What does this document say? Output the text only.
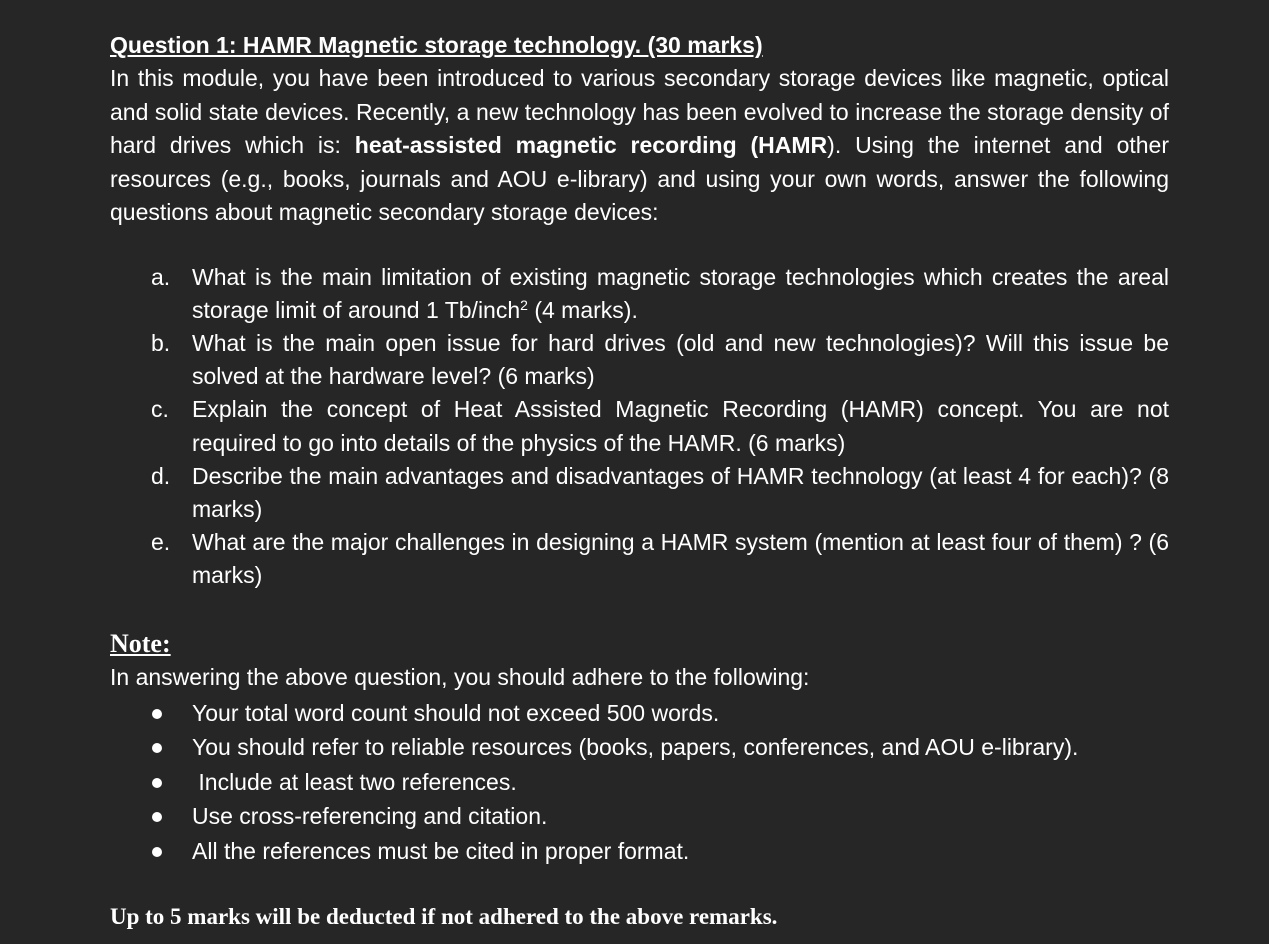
Question 1: HAMR Magnetic storage technology. (30 marks)

In this module, you have been introduced to various secondary storage devices like magnetic, optical and solid state devices. Recently, a new technology has been evolved to increase the storage density of hard drives which is: heat-assisted magnetic recording (HAMR). Using the internet and other resources (e.g., books, journals and AOU e-library) and using your own words, answer the following questions about magnetic secondary storage devices:

a. What is the main limitation of existing magnetic storage technologies which creates the areal storage limit of around 1 Tb/inch$^2$ (4 marks).
b. What is the main open issue for hard drives (old and new technologies)? Will this issue be solved at the hardware level? (6 marks)
c. Explain the concept of Heat Assisted Magnetic Recording (HAMR) concept. You are not required to go into details of the physics of the HAMR. (6 marks)
d. Describe the main advantages and disadvantages of HAMR technology (at least 4 for each)? (8 marks)
e. What are the major challenges in designing a HAMR system (mention at least four of them) ? (6 marks)
Note:
In answering the above question, you should adhere to the following:
Your total word count should not exceed 500 words.
You should refer to reliable resources (books, papers, conferences, and AOU e-library).
Include at least two references.
Use cross-referencing and citation.
All the references must be cited in proper format.
Up to 5 marks will be deducted if not adhered to the above remarks.
